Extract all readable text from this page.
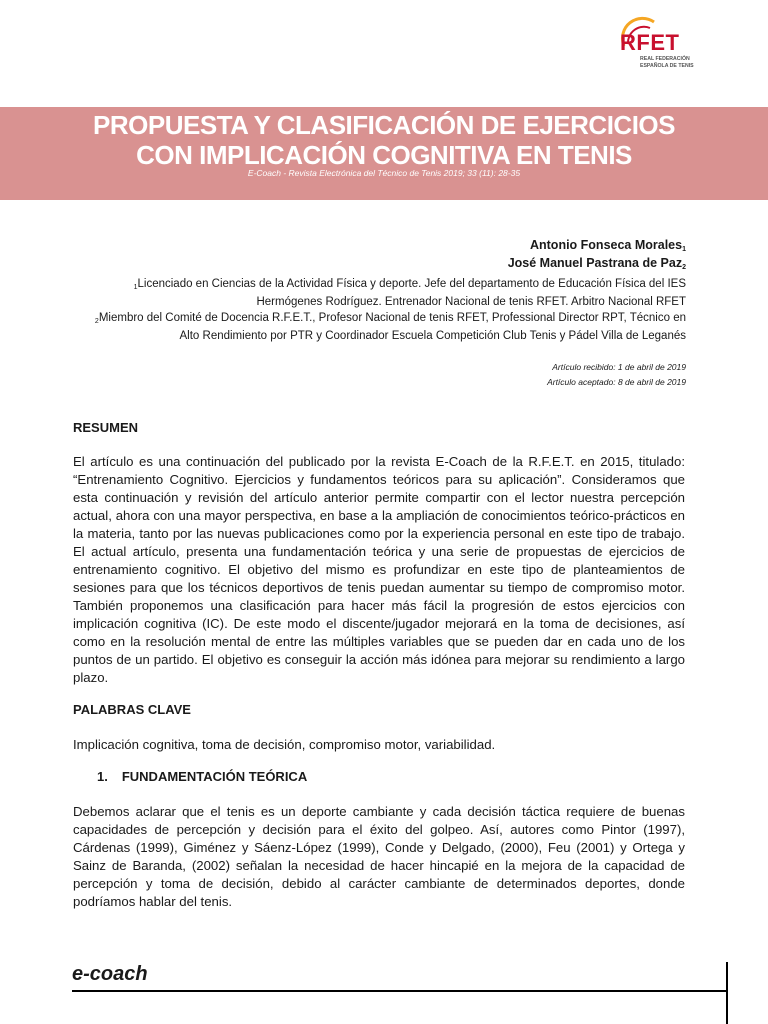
RFET
REAL FEDERACIÓN
ESPAÑOLA DE TENIS
PROPUESTA Y CLASIFICACIÓN DE EJERCICIOS
CON IMPLICACIÓN COGNITIVA EN TENIS
E-Coach - Revista Electrónica del Técnico de Tenis 2019; 33 (11): 28-35
Antonio Fonseca Morales$_1$
José Manuel Pastrana de Paz$_2$
$_1$Licenciado en Ciencias de la Actividad Física y deporte. Jefe del departamento de Educación Física del IES Hermógenes Rodríguez. Entrenador Nacional de tenis RFET. Arbitro Nacional RFET
$_2$Miembro del Comité de Docencia R.F.E.T., Profesor Nacional de tenis RFET, Professional Director RPT, Técnico en Alto Rendimiento por PTR y Coordinador Escuela Competición Club Tenis y Pádel Villa de Leganés
Artículo recibido: 1 de abril de 2019
Artículo aceptado: 8 de abril de 2019
RESUMEN
El artículo es una continuación del publicado por la revista E-Coach de la R.F.E.T. en 2015, titulado: “Entrenamiento Cognitivo. Ejercicios y fundamentos teóricos para su aplicación”. Consideramos que esta continuación y revisión del artículo anterior permite compartir con el lector nuestra percepción actual, ahora con una mayor perspectiva, en base a la ampliación de conocimientos teórico-prácticos en la materia, tanto por las nuevas publicaciones como por la experiencia personal en este tipo de trabajo. El actual artículo, presenta una fundamentación teórica y una serie de propuestas de ejercicios de entrenamiento cognitivo. El objetivo del mismo es profundizar en este tipo de planteamientos de sesiones para que los técnicos deportivos de tenis puedan aumentar su tiempo de compromiso motor. También proponemos una clasificación para hacer más fácil la progresión de estos ejercicios con implicación cognitiva (IC). De este modo el discente/jugador mejorará en la toma de decisiones, así como en la resolución mental de entre las múltiples variables que se pueden dar en cada uno de los puntos de un partido. El objetivo es conseguir la acción más idónea para mejorar su rendimiento a largo plazo.
PALABRAS CLAVE
Implicación cognitiva, toma de decisión, compromiso motor, variabilidad.
1. FUNDAMENTACIÓN TEÓRICA
Debemos aclarar que el tenis es un deporte cambiante y cada decisión táctica requiere de buenas capacidades de percepción y decisión para el éxito del golpeo. Así, autores como Pintor (1997), Cárdenas (1999), Giménez y Sáenz-López (1999), Conde y Delgado, (2000), Feu (2001) y Ortega y Sainz de Baranda, (2002) señalan la necesidad de hacer hincapié en la mejora de la capacidad de percepción y toma de decisión, debido al carácter cambiante de determinados deportes, donde podríamos hablar del tenis.
e-coach
